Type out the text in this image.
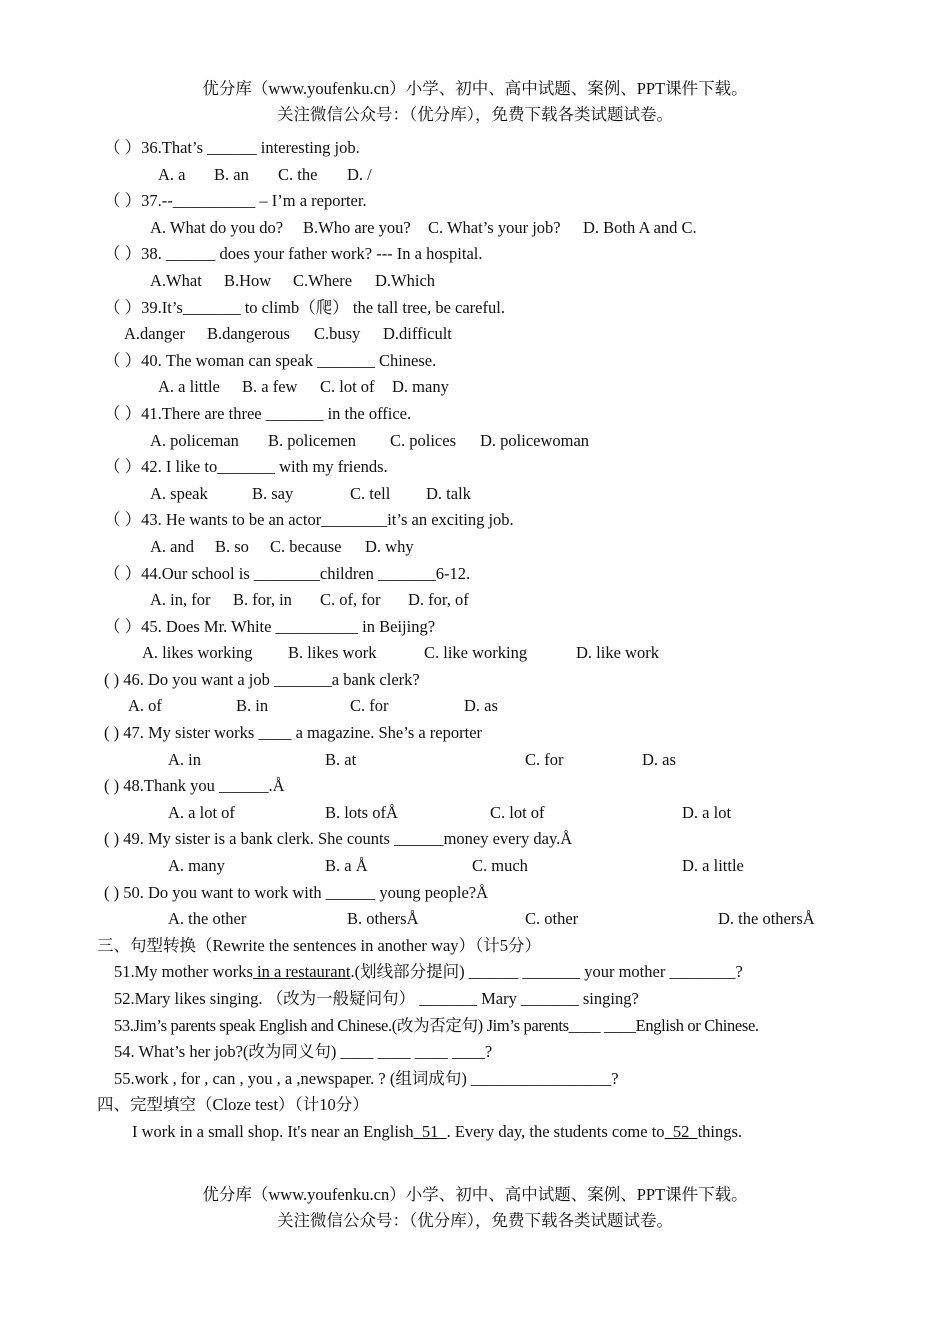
优分库（www.youfenku.cn）小学、初中、高中试题、案例、PPT课件下载。
关注微信公众号：（优分库），免费下载各类试题试卷。
（ ）36.That’s ______ interesting job.
A. a B. an C. the D. /
（ ）37.--__________ – I’m a reporter.
A. What do you do? B.Who are you? C. What’s your job? D. Both A and C.
（ ）38. ______ does your father work? --- In a hospital.
A.What B.How C.Where D.Which
（ ）39.It’s_______ to climb（爬） the tall tree, be careful.
A.danger B.dangerous C.busy D.difficult
（ ）40. The woman can speak _______ Chinese.
A. a little B. a few C. lot of D. many
（ ）41.There are three _______ in the office.
A. policeman B. policemen C. polices D. policewoman
（ ）42. I like to_______ with my friends.
A. speak	B. say	C. tell D. talk
（ ）43. He wants to be an actor________it’s an exciting job.
A. and B. so C. because D. why
（ ）44.Our school is ________children _______6-12.
A. in, for B. for, in C. of, for D. for, of
（ ）45. Does Mr. White __________ in Beijing?
A. likes working B. likes work	C. like working	D. like work
( ) 46. Do you want a job _______a bank clerk?
A. of	B. in	C. for	D. as
( ) 47. My sister works ____ a magazine. She’s a reporter
A. in	B. at	C. for	D. as
( ) 48.Thank you ______.Å
A. a lot of	B. lots ofÅ	C. lot of	D. a lot
( ) 49. My sister is a bank clerk. She counts ______money every day.Å
A. many	B. a Å	C. much	D. a little
( ) 50. Do you want to work with ______ young people?Å
A. the other	B. othersÅ	C. other	D. the othersÅ
三、句型转换（Rewrite the sentences in another way）（计5分）
51.My mother works in a restaurant.(划线部分提问) ______ _______ your mother ________?
52.Mary likes singing. （改为一般疑问句） _______ Mary _______ singing?
53.Jim’s parents speak English and Chinese.(改为否定句) Jim’s parents____ ____English or Chinese.
54. What’s her job?(改为同义句) ____ ____ ____ ____?
55.work , for , can , you , a ,newspaper. ? (组词成句) _________________?
四、完型填空（Cloze test）（计10分）
I work in a small shop. It's near an English  51  . Every day, the students come to  52  things.
优分库（www.youfenku.cn）小学、初中、高中试题、案例、PPT课件下载。
关注微信公众号：（优分库），免费下载各类试题试卷。
